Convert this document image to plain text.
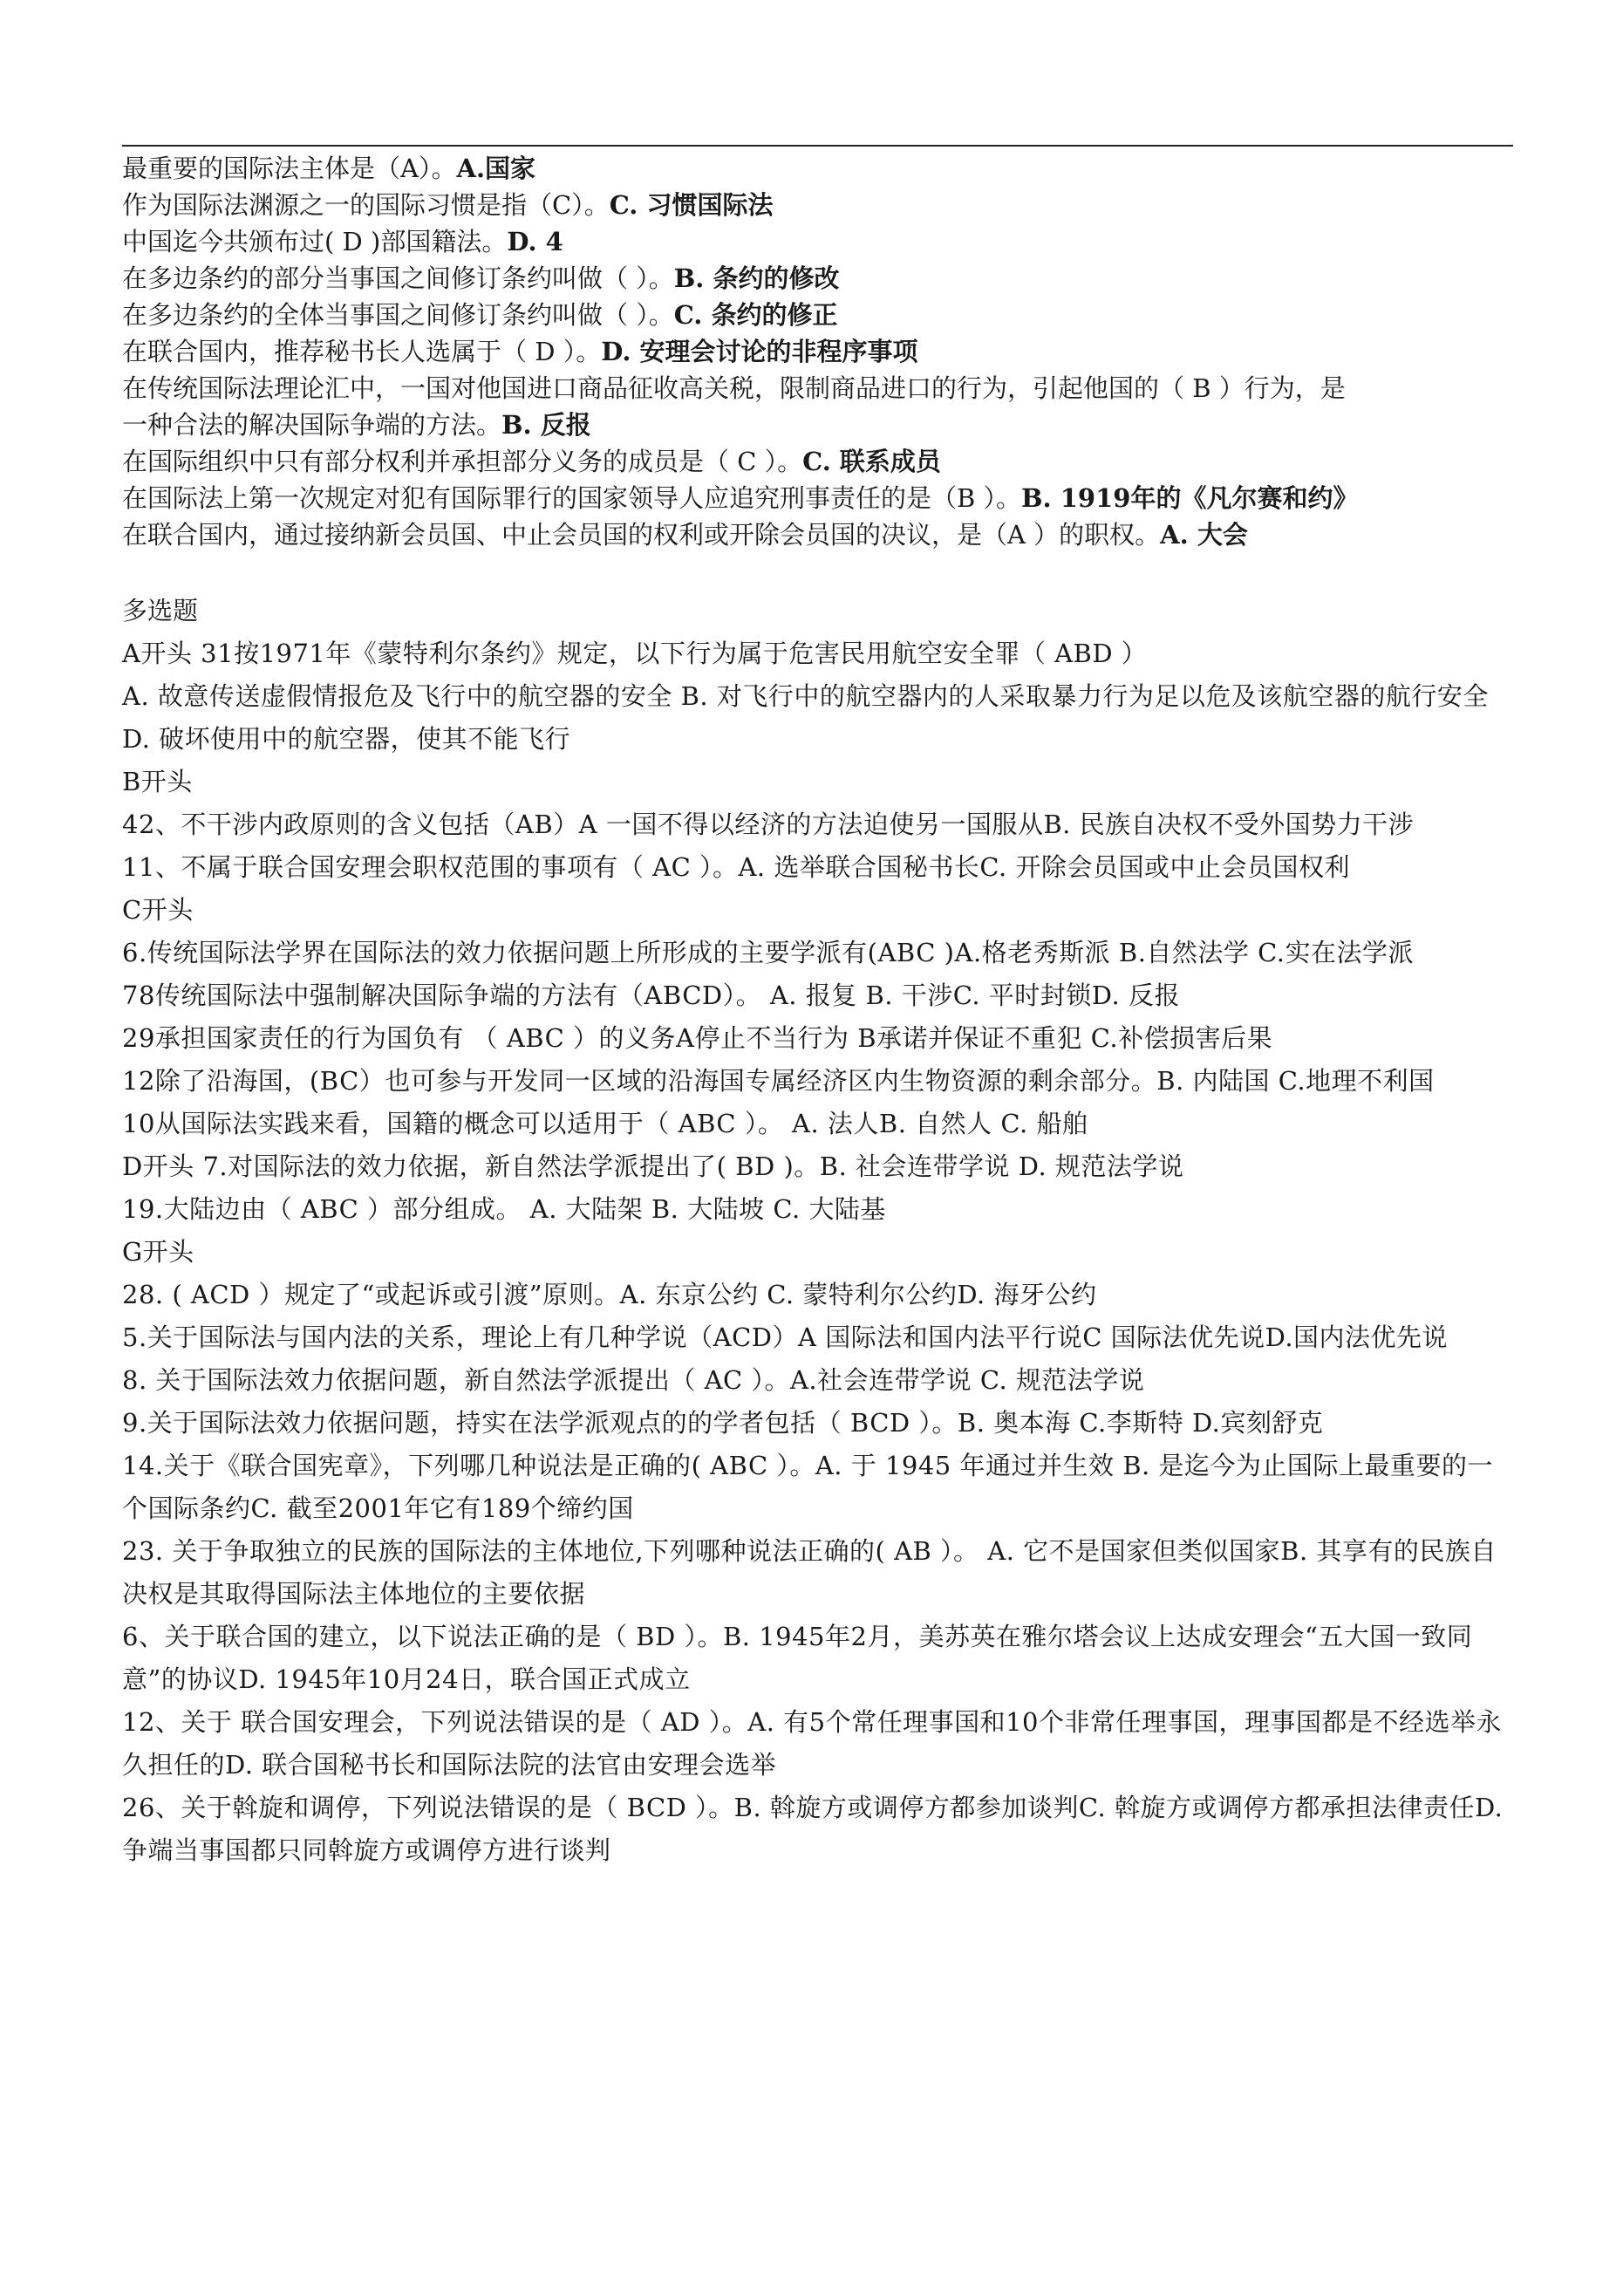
最重要的国际法主体是（A）。A.国家
作为国际法渊源之一的国际习惯是指（C）。C. 习惯国际法
中国迄今共颁布过( D )部国籍法。D. 4
在多边条约的部分当事国之间修订条约叫做（ ）。B. 条约的修改
在多边条约的全体当事国之间修订条约叫做（ ）。C. 条约的修正
在联合国内，推荐秘书长人选属于（ D ）。D. 安理会讨论的非程序事项
在传统国际法理论汇中，一国对他国进口商品征收高关税，限制商品进口的行为，引起他国的（ B ）行为，是
一种合法的解决国际争端的方法。B. 反报
在国际组织中只有部分权利并承担部分义务的成员是（ C ）。C. 联系成员
在国际法上第一次规定对犯有国际罪行的国家领导人应追究刑事责任的是（B ）。B. 1919年的《凡尔赛和约》
在联合国内，通过接纳新会员国、中止会员国的权利或开除会员国的决议，是（A ）的职权。A. 大会
多选题
A开头 31按1971年《蒙特利尔条约》规定，以下行为属于危害民用航空安全罪（ ABD ）
A. 故意传送虚假情报危及飞行中的航空器的安全 B. 对飞行中的航空器内的人采取暴力行为足以危及该航空器的航行安全D. 破坏使用中的航空器，使其不能飞行
B开头
42、不干涉内政原则的含义包括（AB）A 一国不得以经济的方法迫使另一国服从B. 民族自决权不受外国势力干涉
11、不属于联合国安理会职权范围的事项有（ AC ）。A. 选举联合国秘书长C. 开除会员国或中止会员国权利
C开头
6.传统国际法学界在国际法的效力依据问题上所形成的主要学派有(ABC )A.格老秀斯派 B.自然法学 C.实在法学派
78传统国际法中强制解决国际争端的方法有（ABCD）。 A. 报复 B. 干涉C. 平时封锁D. 反报
29承担国家责任的行为国负有 （ ABC ）的义务A停止不当行为 B承诺并保证不重犯 C.补偿损害后果
12除了沿海国，(BC）也可参与开发同一区域的沿海国专属经济区内生物资源的剩余部分。B. 内陆国 C.地理不利国
10从国际法实践来看，国籍的概念可以适用于（ ABC ）。 A. 法人B. 自然人 C. 船舶
D开头 7.对国际法的效力依据，新自然法学派提出了( BD )。B. 社会连带学说 D. 规范法学说
19.大陆边由（ ABC ）部分组成。 A. 大陆架 B. 大陆坡 C. 大陆基
G开头
28. ( ACD ）规定了“或起诉或引渡”原则。A. 东京公约 C. 蒙特利尔公约D. 海牙公约
5.关于国际法与国内法的关系，理论上有几种学说（ACD）A 国际法和国内法平行说C 国际法优先说D.国内法优先说
8. 关于国际法效力依据问题，新自然法学派提出（ AC ）。A.社会连带学说 C. 规范法学说
9.关于国际法效力依据问题，持实在法学派观点的的学者包括（ BCD ）。B. 奥本海 C.李斯特 D.宾刻舒克
14.关于《联合国宪章》，下列哪几种说法是正确的( ABC ）。A. 于 1945 年通过并生效 B. 是迄今为止国际上最重要的一个国际条约C. 截至2001年它有189个缔约国
23. 关于争取独立的民族的国际法的主体地位,下列哪种说法正确的( AB ）。 A. 它不是国家但类似国家B. 其享有的民族自决权是其取得国际法主体地位的主要依据
6、关于联合国的建立，以下说法正确的是（ BD ）。B. 1945年2月，美苏英在雅尔塔会议上达成安理会“五大国一致同意”的协议D. 1945年10月24日，联合国正式成立
12、关于 联合国安理会，下列说法错误的是（ AD ）。A. 有5个常任理事国和10个非常任理事国，理事国都是不经选举永久担任的D. 联合国秘书长和国际法院的法官由安理会选举
26、关于斡旋和调停，下列说法错误的是（ BCD ）。B. 斡旋方或调停方都参加谈判C. 斡旋方或调停方都承担法律责任D. 争端当事国都只同斡旋方或调停方进行谈判
